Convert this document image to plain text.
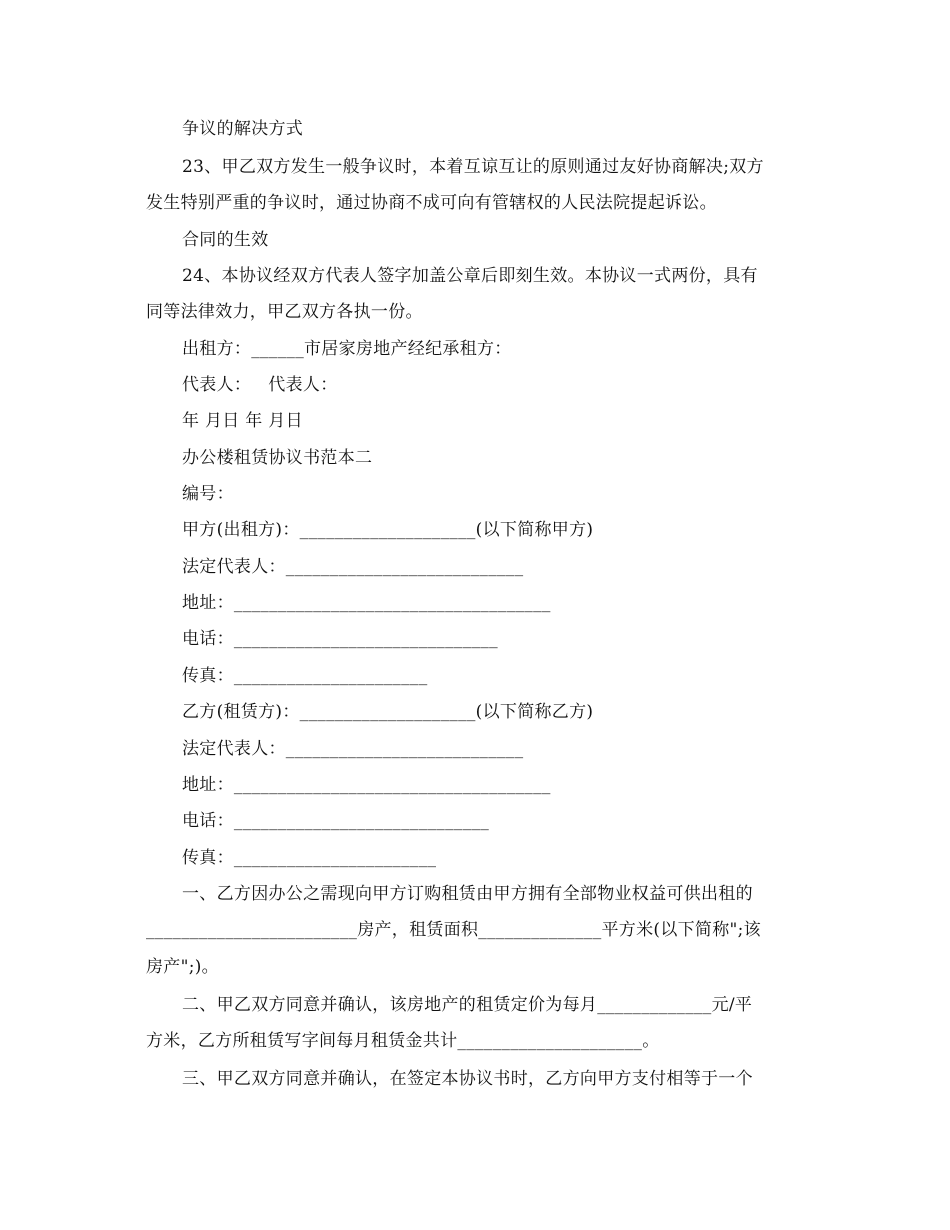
争议的解决方式
23、甲乙双方发生一般争议时，本着互谅互让的原则通过友好协商解决;双方
发生特别严重的争议时，通过协商不成可向有管辖权的人民法院提起诉讼。
合同的生效
24、本协议经双方代表人签字加盖公章后即刻生效。本协议一式两份，具有
同等法律效力，甲乙双方各执一份。
出租方：______市居家房地产经纪承租方：
代表人：   代表人：
年 月日 年 月日
办公楼租赁协议书范本二
编号：
甲方(出租方)：____________________(以下简称甲方)
法定代表人：___________________________
地址：____________________________________
电话：______________________________
传真：______________________
乙方(租赁方)：____________________(以下简称乙方)
法定代表人：___________________________
地址：____________________________________
电话：_____________________________
传真：_______________________
一、乙方因办公之需现向甲方订购租赁由甲方拥有全部物业权益可供出租的
________________________房产，租赁面积______________平方米(以下简称";该
房产";)。
二、甲乙双方同意并确认，该房地产的租赁定价为每月_____________元/平
方米，乙方所租赁写字间每月租赁金共计_____________________。
三、甲乙双方同意并确认，在签定本协议书时，乙方向甲方支付相等于一个
